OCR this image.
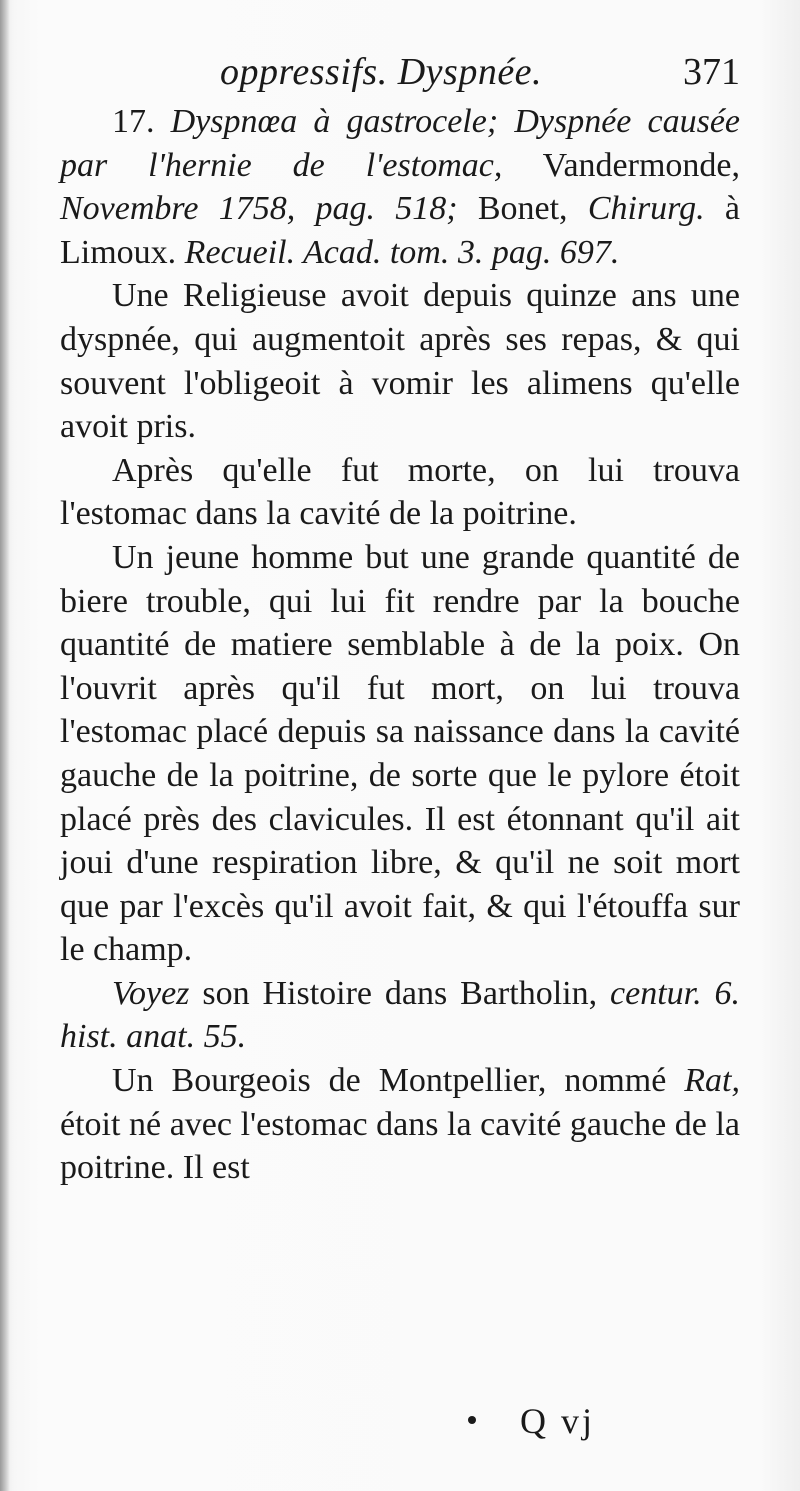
oppressifs. Dyspnée.	371

17. Dyspnœa à gastrocele; Dyspnée causée par l'hernie de l'estomac, Vandermonde, Novembre 1758, pag. 518; Bonet, Chirurg. à Limoux. Recueil. Acad. tom. 3. pag. 697.

Une Religieuse avoit depuis quinze ans une dyspnée, qui augmentoit après ses repas, & qui souvent l'obligeoit à vomir les alimens qu'elle avoit pris.

Après qu'elle fut morte, on lui trouva l'estomac dans la cavité de la poitrine.

Un jeune homme but une grande quantité de biere trouble, qui lui fit rendre par la bouche quantité de matiere semblable à de la poix. On l'ouvrit après qu'il fut mort, on lui trouva l'estomac placé depuis sa naissance dans la cavité gauche de la poitrine, de sorte que le pylore étoit placé près des clavicules. Il est étonnant qu'il ait joui d'une respiration libre, & qu'il ne soit mort que par l'excès qu'il avoit fait, & qui l'étouffa sur le champ.

Voyez son Histoire dans Bartholin, centur. 6. hist. anat. 55.

Un Bourgeois de Montpellier, nommé Rat, étoit né avec l'estomac dans la cavité gauche de la poitrine. Il est

Q vj
